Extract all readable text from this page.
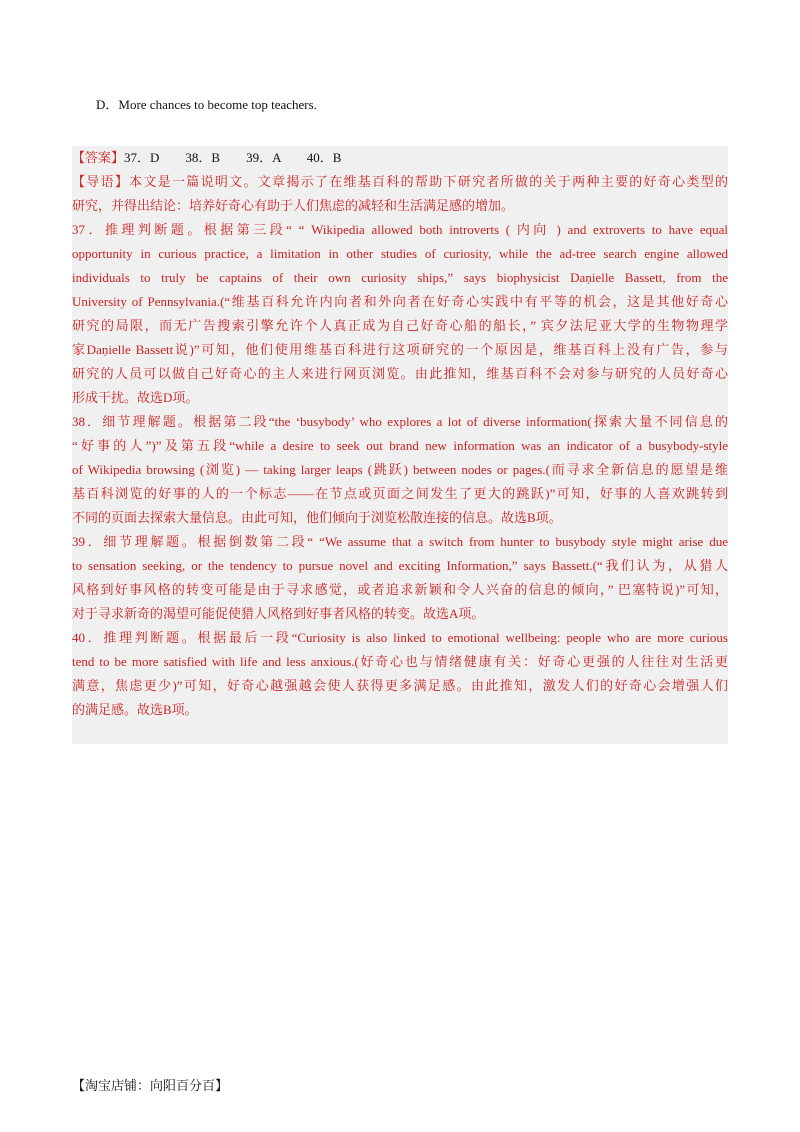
D．More chances to become top teachers.
【答案】37．D　　38．B　　39．A　　40．B
【导语】本文是一篇说明文。文章揭示了在维基百科的帮助下研究者所做的关于两种主要的好奇心类型的
研究，并得出结论：培养好奇心有助于人们焦虑的减轻和生活满足感的增加。
37．推理判断题。根据第三段“ “ Wikipedia allowed both introverts ( 内向 ) and extroverts to have equal
opportunity in curious practice, a limitation in other studies of curiosity, while the ad-tree search engine allowed
individuals to truly be captains of their own curiosity ships,” says biophysicist Daṇielle Bassett, from the
University of Pennsylvania.(“维基百科允许内向者和外向者在好奇心实践中有平等的机会，这是其他好奇心
研究的局限，而无广告搜索引擎允许个人真正成为自己好奇心船的船长，” 宾夕法尼亚大学的生物物理学
家Daṇielle Bassett说)”可知，他们使用维基百科进行这项研究的一个原因是，维基百科上没有广告，参与
研究的人员可以做自己好奇心的主人来进行网页浏览。由此推知，维基百科不会对参与研究的人员好奇心
形成干扰。故选D项。
38．细节理解题。根据第二段“the ‘busybody’ who explores a lot of diverse information(探索大量不同信息的
“好事的人”)”及第五段“while a desire to seek out brand new information was an indicator of a busybody-style
of Wikipedia browsing (浏览) — taking larger leaps (跳跃) between nodes or pages.(而寻求全新信息的愿望是维
基百科浏览的好事的人的一个标志——在节点或页面之间发生了更大的跳跃)”可知，好事的人喜欢跳转到
不同的页面去探索大量信息。由此可知，他们倾向于浏览松散连接的信息。故选B项。
39．细节理解题。根据倒数第二段“ “We assume that a switch from hunter to busybody style might arise due
to sensation seeking, or the tendency to pursue novel and exciting Information,” says Bassett.(“我们认为，从猎人
风格到好事风格的转变可能是由于寻求感觉，或者追求新颖和令人兴奋的信息的倾向，” 巴塞特说)”可知，
对于寻求新奇的渴望可能促使猎人风格到好事者风格的转变。故选A项。
40．推理判断题。根据最后一段“Curiosity is also linked to emotional wellbeing: people who are more curious
tend to be more satisfied with life and less anxious.(好奇心也与情绪健康有关：好奇心更强的人往往对生活更
满意，焦虑更少)”可知，好奇心越强越会使人获得更多满足感。由此推知，激发人们的好奇心会增强人们
的满足感。故选B项。
【淘宝店铺：向阳百分百】
